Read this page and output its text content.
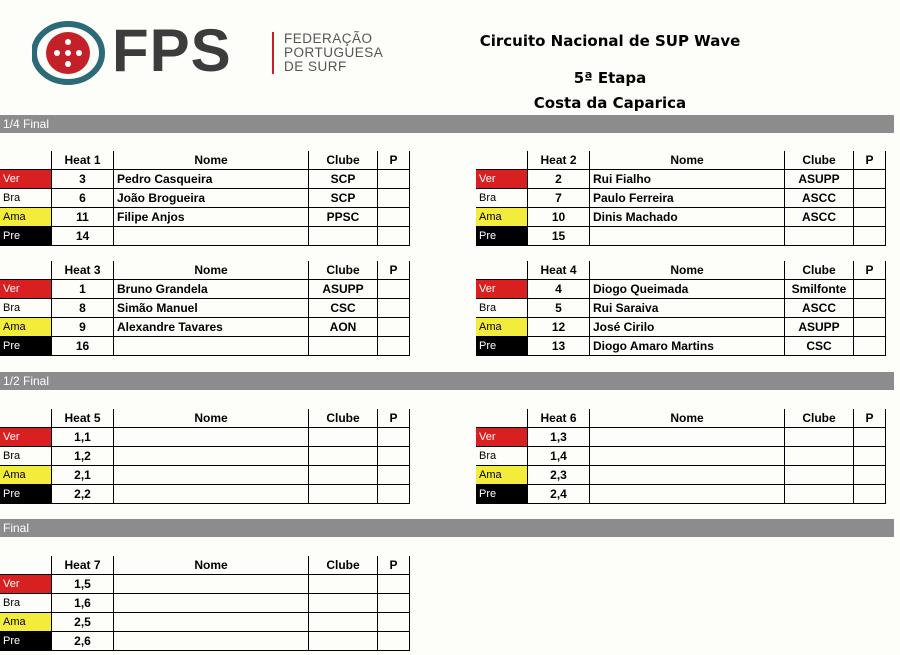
FPS	FEDERAÇÃO
PORTUGUESA
DE SURF
Circuito Nacional de SUP Wave
5ª Etapa
Costa da Caparica
1/4 Final
1/2 Final
Final
	Heat 1	Nome	Clube	P
Ver	3	Pedro Casqueira	SCP	
Bra	6	João Brogueira	SCP	
Ama	11	Filipe Anjos	PPSC	
Pre	14			
	Heat 2	Nome	Clube	P
Ver	2	Rui Fialho	ASUPP	
Bra	7	Paulo Ferreira	ASCC	
Ama	10	Dinis Machado	ASCC	
Pre	15			
	Heat 3	Nome	Clube	P
Ver	1	Bruno Grandela	ASUPP	
Bra	8	Simão Manuel	CSC	
Ama	9	Alexandre Tavares	AON	
Pre	16			
	Heat 4	Nome	Clube	P
Ver	4	Diogo Queimada	Smilfonte	
Bra	5	Rui Saraiva	ASCC	
Ama	12	José Cirilo	ASUPP	
Pre	13	Diogo Amaro Martins	CSC	
	Heat 5	Nome	Clube	P
Ver	1,1			
Bra	1,2			
Ama	2,1			
Pre	2,2			
	Heat 6	Nome	Clube	P
Ver	1,3			
Bra	1,4			
Ama	2,3			
Pre	2,4			
	Heat 7	Nome	Clube	P
Ver	1,5			
Bra	1,6			
Ama	2,5			
Pre	2,6			
